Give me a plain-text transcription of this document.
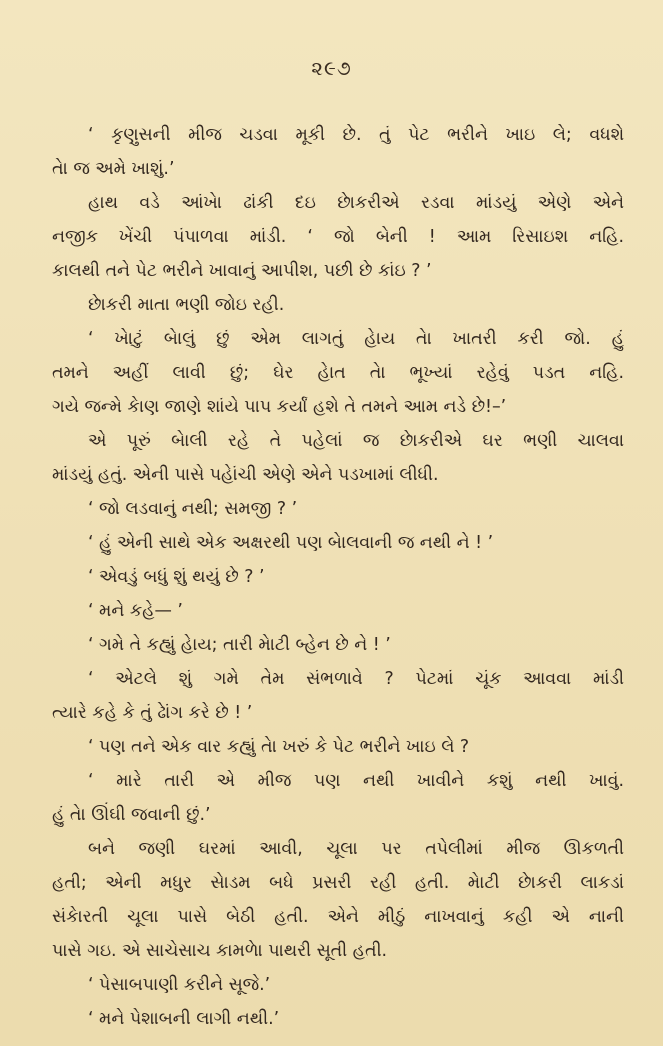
૨૯૭
‘ કૃણુસની મીજ ચડવા મૂકી છે. તું પેટ ભરીને ખાઇ લે; વધશે
તેા જ અમે ખાશું.’
હાથ વડે આંખેા ઢાંકી દઇ છેાકરીએ રડવા માંડયું એણે એને
નજીક ખેંચી પંપાળવા માંડી. ‘ જો બેની ! આમ રિસાઇશ નહિ.
કાલથી તને પેટ ભરીને ખાવાનું આપીશ, પછી છે કાંઇ ? ’
છેાકરી માતા ભણી જોઇ રહી.
‘ ખેાટું બેાલું છું એમ લાગતું હેાય તેા ખાતરી કરી જો. હું
તમને અહીં લાવી છું; ઘેર હેાત તેા ભૂખ્યાં રહેવું પડત નહિ.
ગયે જન્મે કેાણ જાણે શાંયે પાપ કર્યાં હશે તે તમને આમ નડે છે!–’
એ પૂરું બેાલી રહે તે પહેલાં જ છેાકરીએ ઘર ભણી ચાલવા
માંડયું હતું. એની પાસે પહેાંચી એણે એને પડખામાં લીધી.
‘ જો લડવાનું નથી; સમજી ? ’
‘ હું એની સાથે એક અક્ષરથી પણ બેાલવાની જ નથી ને ! ’
‘ એવડું બધું શું થયું છે ? ’
‘ મને કહે— ’
‘ ગમે તે કહ્યું હેાય; તારી મેાટી બ્હેન છે ને ! ’
‘ એટલે શું ગમે તેમ સંભળાવે ? પેટમાં ચૂંક આવવા માંડી
ત્યારે કહે કે તું ઢેાંગ કરે છે ! ’
‘ પણ તને એક વાર કહ્યું તેા ખરું કે પેટ ભરીને ખાઇ લે ?
‘ મારે તારી એ મીજ પણ નથી ખાવીને કશું નથી ખાવું.
હું તેા ઊંઘી જવાની છું.’
બને જણી ઘરમાં આવી, ચૂલા પર તપેલીમાં મીજ ઊકળતી
હતી; એની મધુર સેાડમ બધે પ્રસરી રહી હતી. મેાટી છેાકરી લાકડાં
સંકેારતી ચૂલા પાસે બેઠી હતી. એને મીઠું નાખવાનું કહી એ નાની
પાસે ગઇ. એ સાચેસાચ કામળેા પાથરી સૂતી હતી.
‘ પેસાબપાણી કરીને સૂજે.’
‘ મને પેશાબની લાગી નથી.’
